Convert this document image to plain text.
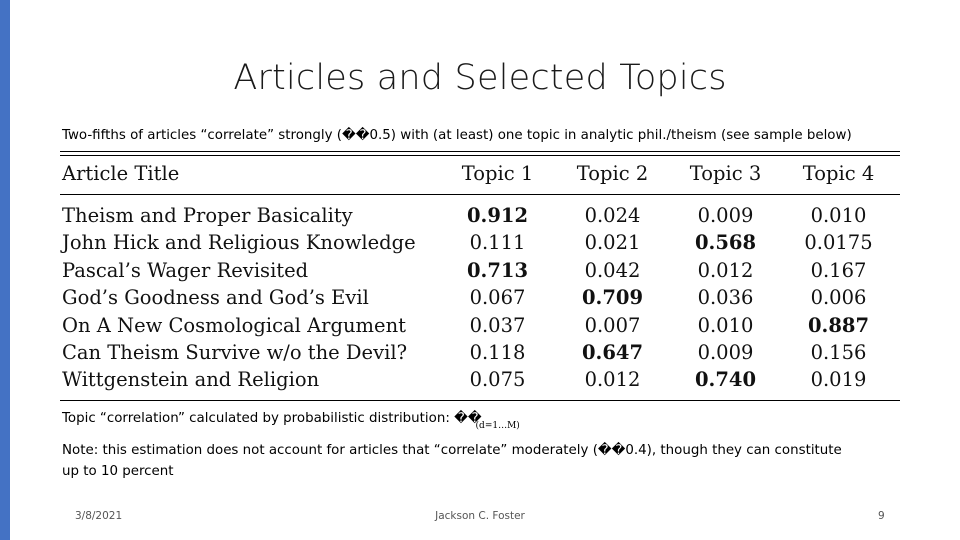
Articles and Selected Topics
Two-fifths of articles “correlate” strongly (��0.5) with (at least) one topic in analytic phil./theism (see sample below)
Article Title	Topic 1	Topic 2	Topic 3	Topic 4
Theism and Proper Basicality	0.912	0.024	0.009	0.010
John Hick and Religious Knowledge	0.111	0.021	0.568	0.0175
Pascal’s Wager Revisited	0.713	0.042	0.012	0.167
God’s Goodness and God’s Evil	0.067	0.709	0.036	0.006
On A New Cosmological Argument	0.037	0.007	0.010	0.887
Can Theism Survive w/o the Devil?	0.118	0.647	0.009	0.156
Wittgenstein and Religion	0.075	0.012	0.740	0.019
Topic “correlation” calculated by probabilistic distribution: $��_{(d=1\dots M)}$
Note: this estimation does not account for articles that “correlate” moderately (��0.4), though they can constitute up to 10 percent
3/8/2021	Jackson C. Foster	9
